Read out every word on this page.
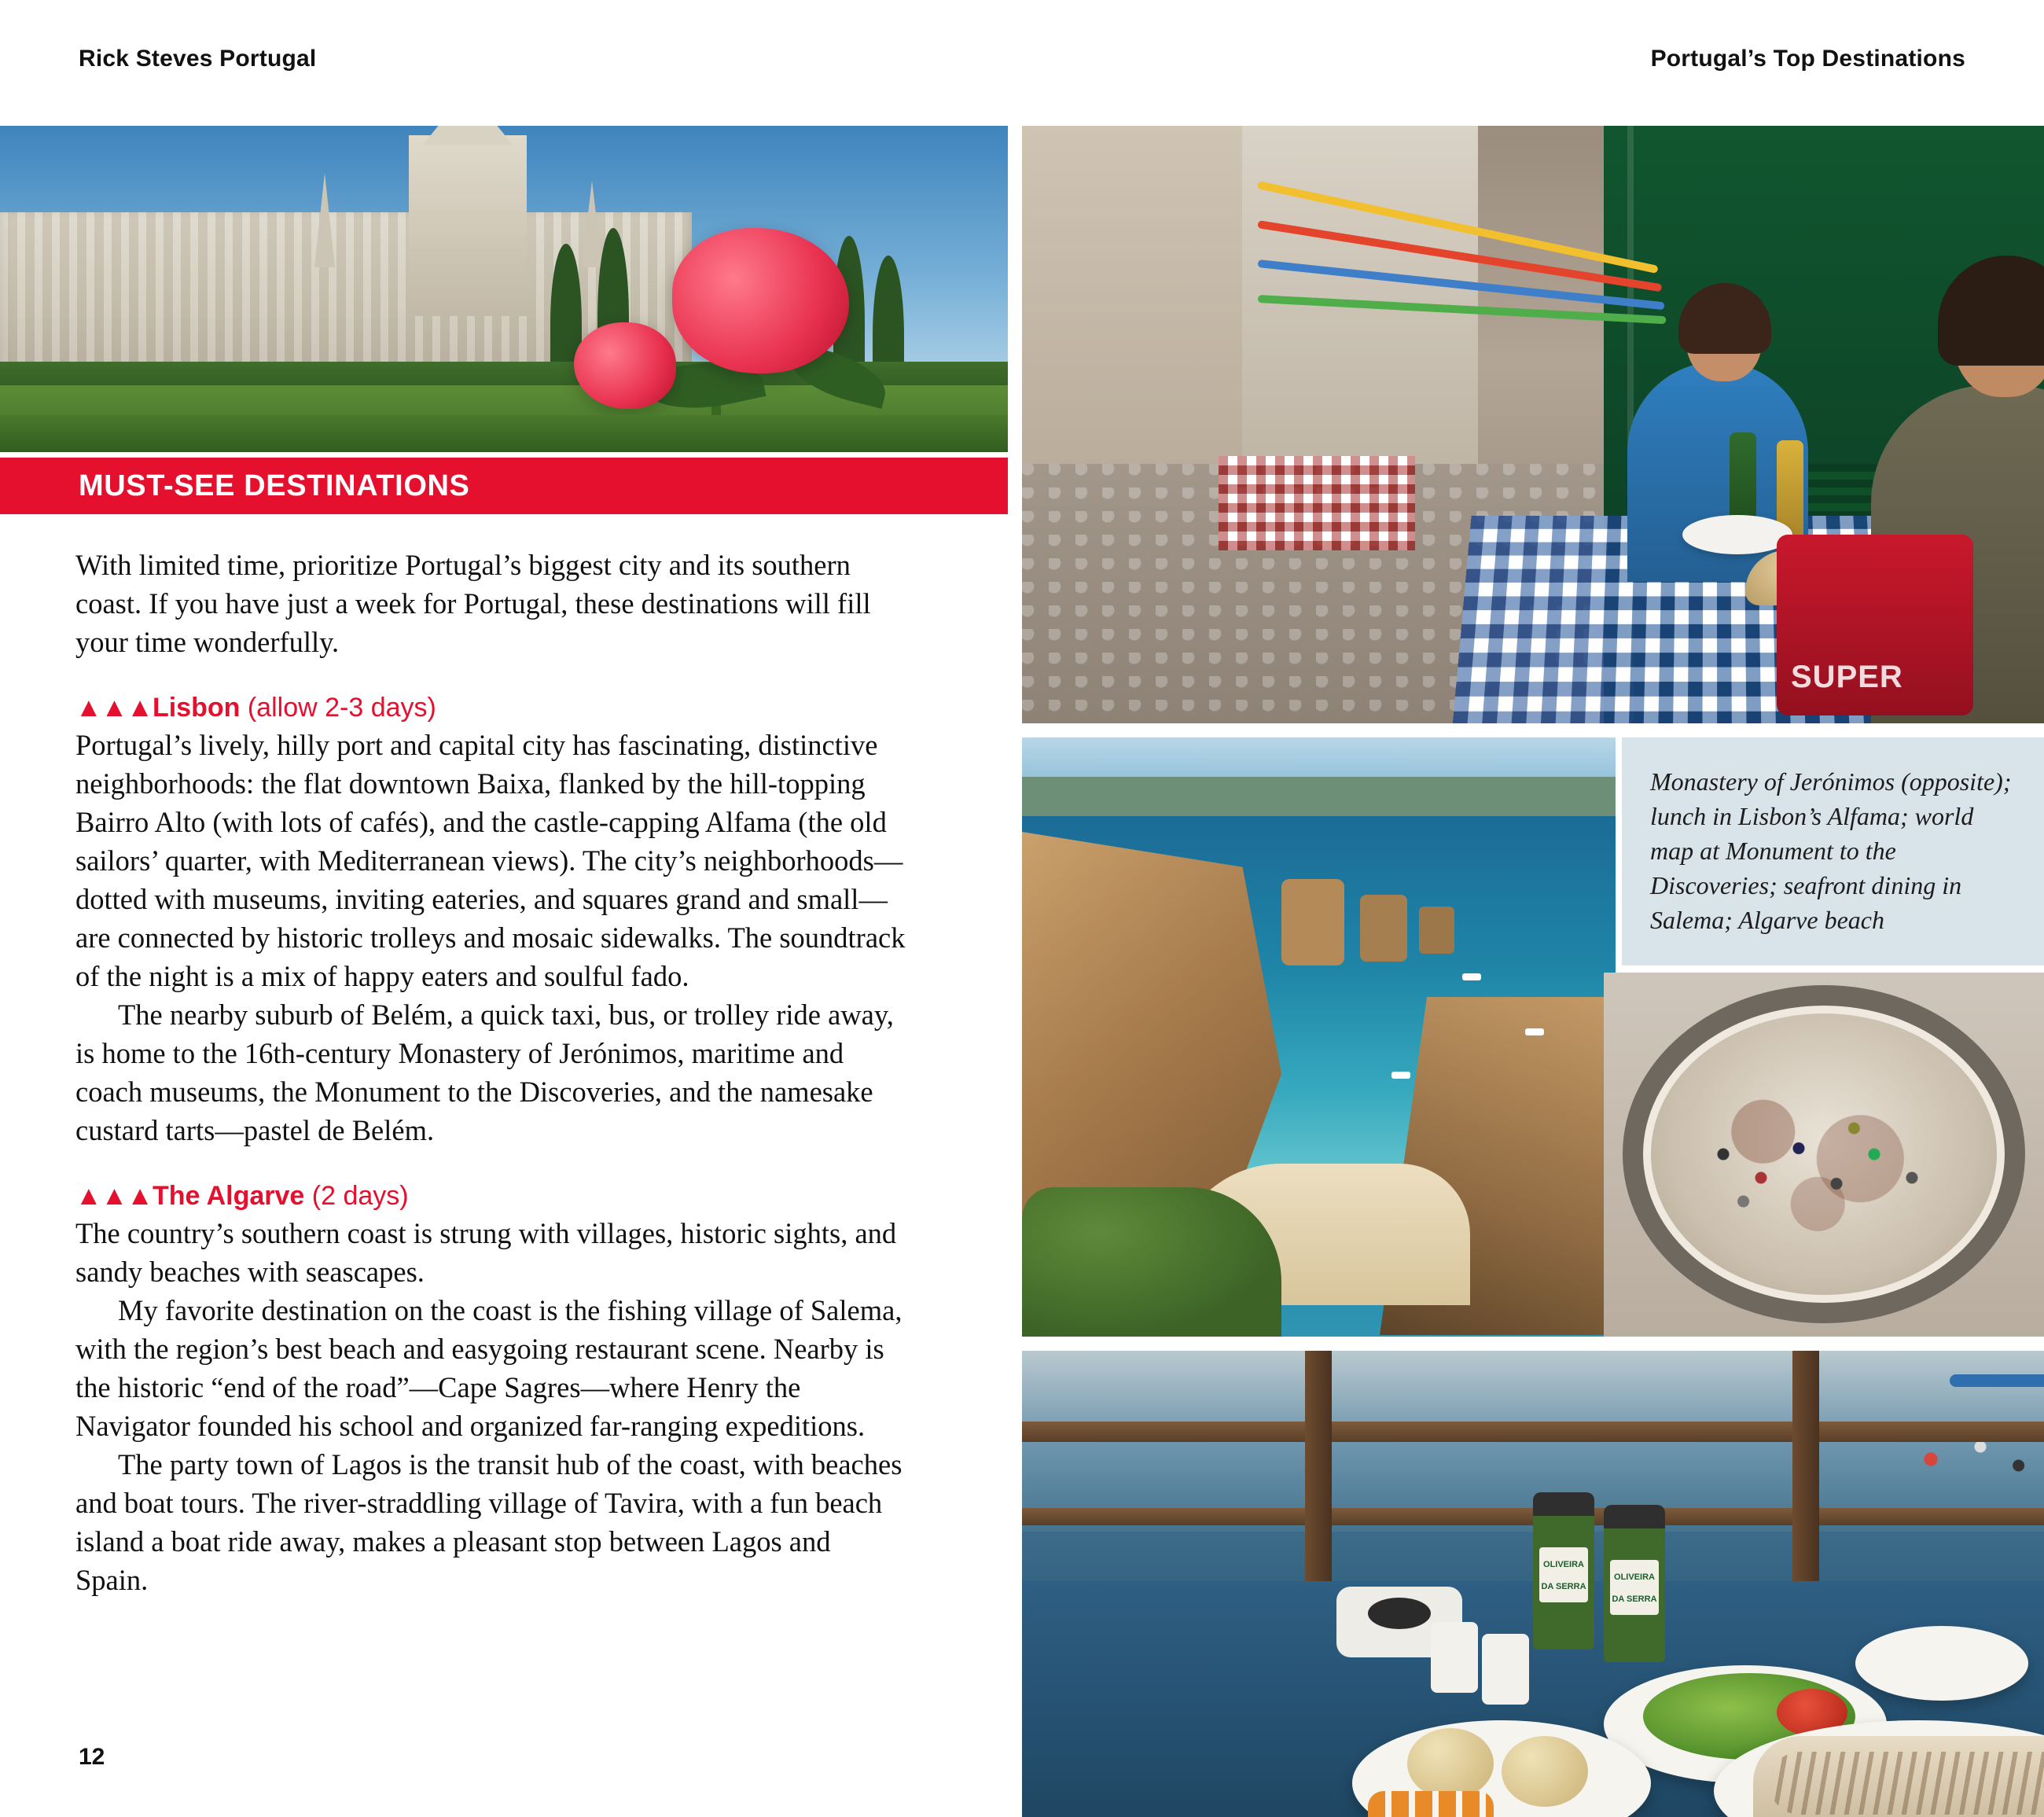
Rick Steves Portugal	Portugal’s Top Destinations
MUST-SEE DESTINATIONS

With limited time, prioritize Portugal’s biggest city and its southern coast. If you have just a week for Portugal, these destinations will fill your time wonderfully.

▲▲▲Lisbon (allow 2-3 days)

Portugal’s lively, hilly port and capital city has fascinating, distinctive neighborhoods: the flat downtown Baixa, flanked by the hill-topping Bairro Alto (with lots of cafés), and the castle-capping Alfama (the old sailors’ quarter, with Mediterranean views). The city’s neighborhoods—dotted with museums, inviting eateries, and squares grand and small—are connected by historic trolleys and mosaic sidewalks. The soundtrack of the night is a mix of happy eaters and soulful fado.

The nearby suburb of Belém, a quick taxi, bus, or trolley ride away, is home to the 16th-century Monastery of Jerónimos, maritime and coach museums, the Monument to the Discoveries, and the namesake custard tarts—pastel de Belém.

▲▲▲The Algarve (2 days)

The country’s southern coast is strung with villages, historic sights, and sandy beaches with seascapes.

My favorite destination on the coast is the fishing village of Salema, with the region’s best beach and easygoing restaurant scene. Nearby is the historic “end of the road”—Cape Sagres—where Henry the Navigator founded his school and organized far-ranging expeditions.

The party town of Lagos is the transit hub of the coast, with beaches and boat tours. The river-straddling village of Tavira, with a fun beach island a boat ride away, makes a pleasant stop between Lagos and Spain.

12
SUPER

Monastery of Jerónimos (opposite); lunch in Lisbon’s Alfama; world map at Monument to the Discoveries; seafront dining in Salema; Algarve beach

OLIVEIRA
DA SERRA
OLIVEIRA
DA SERRA
